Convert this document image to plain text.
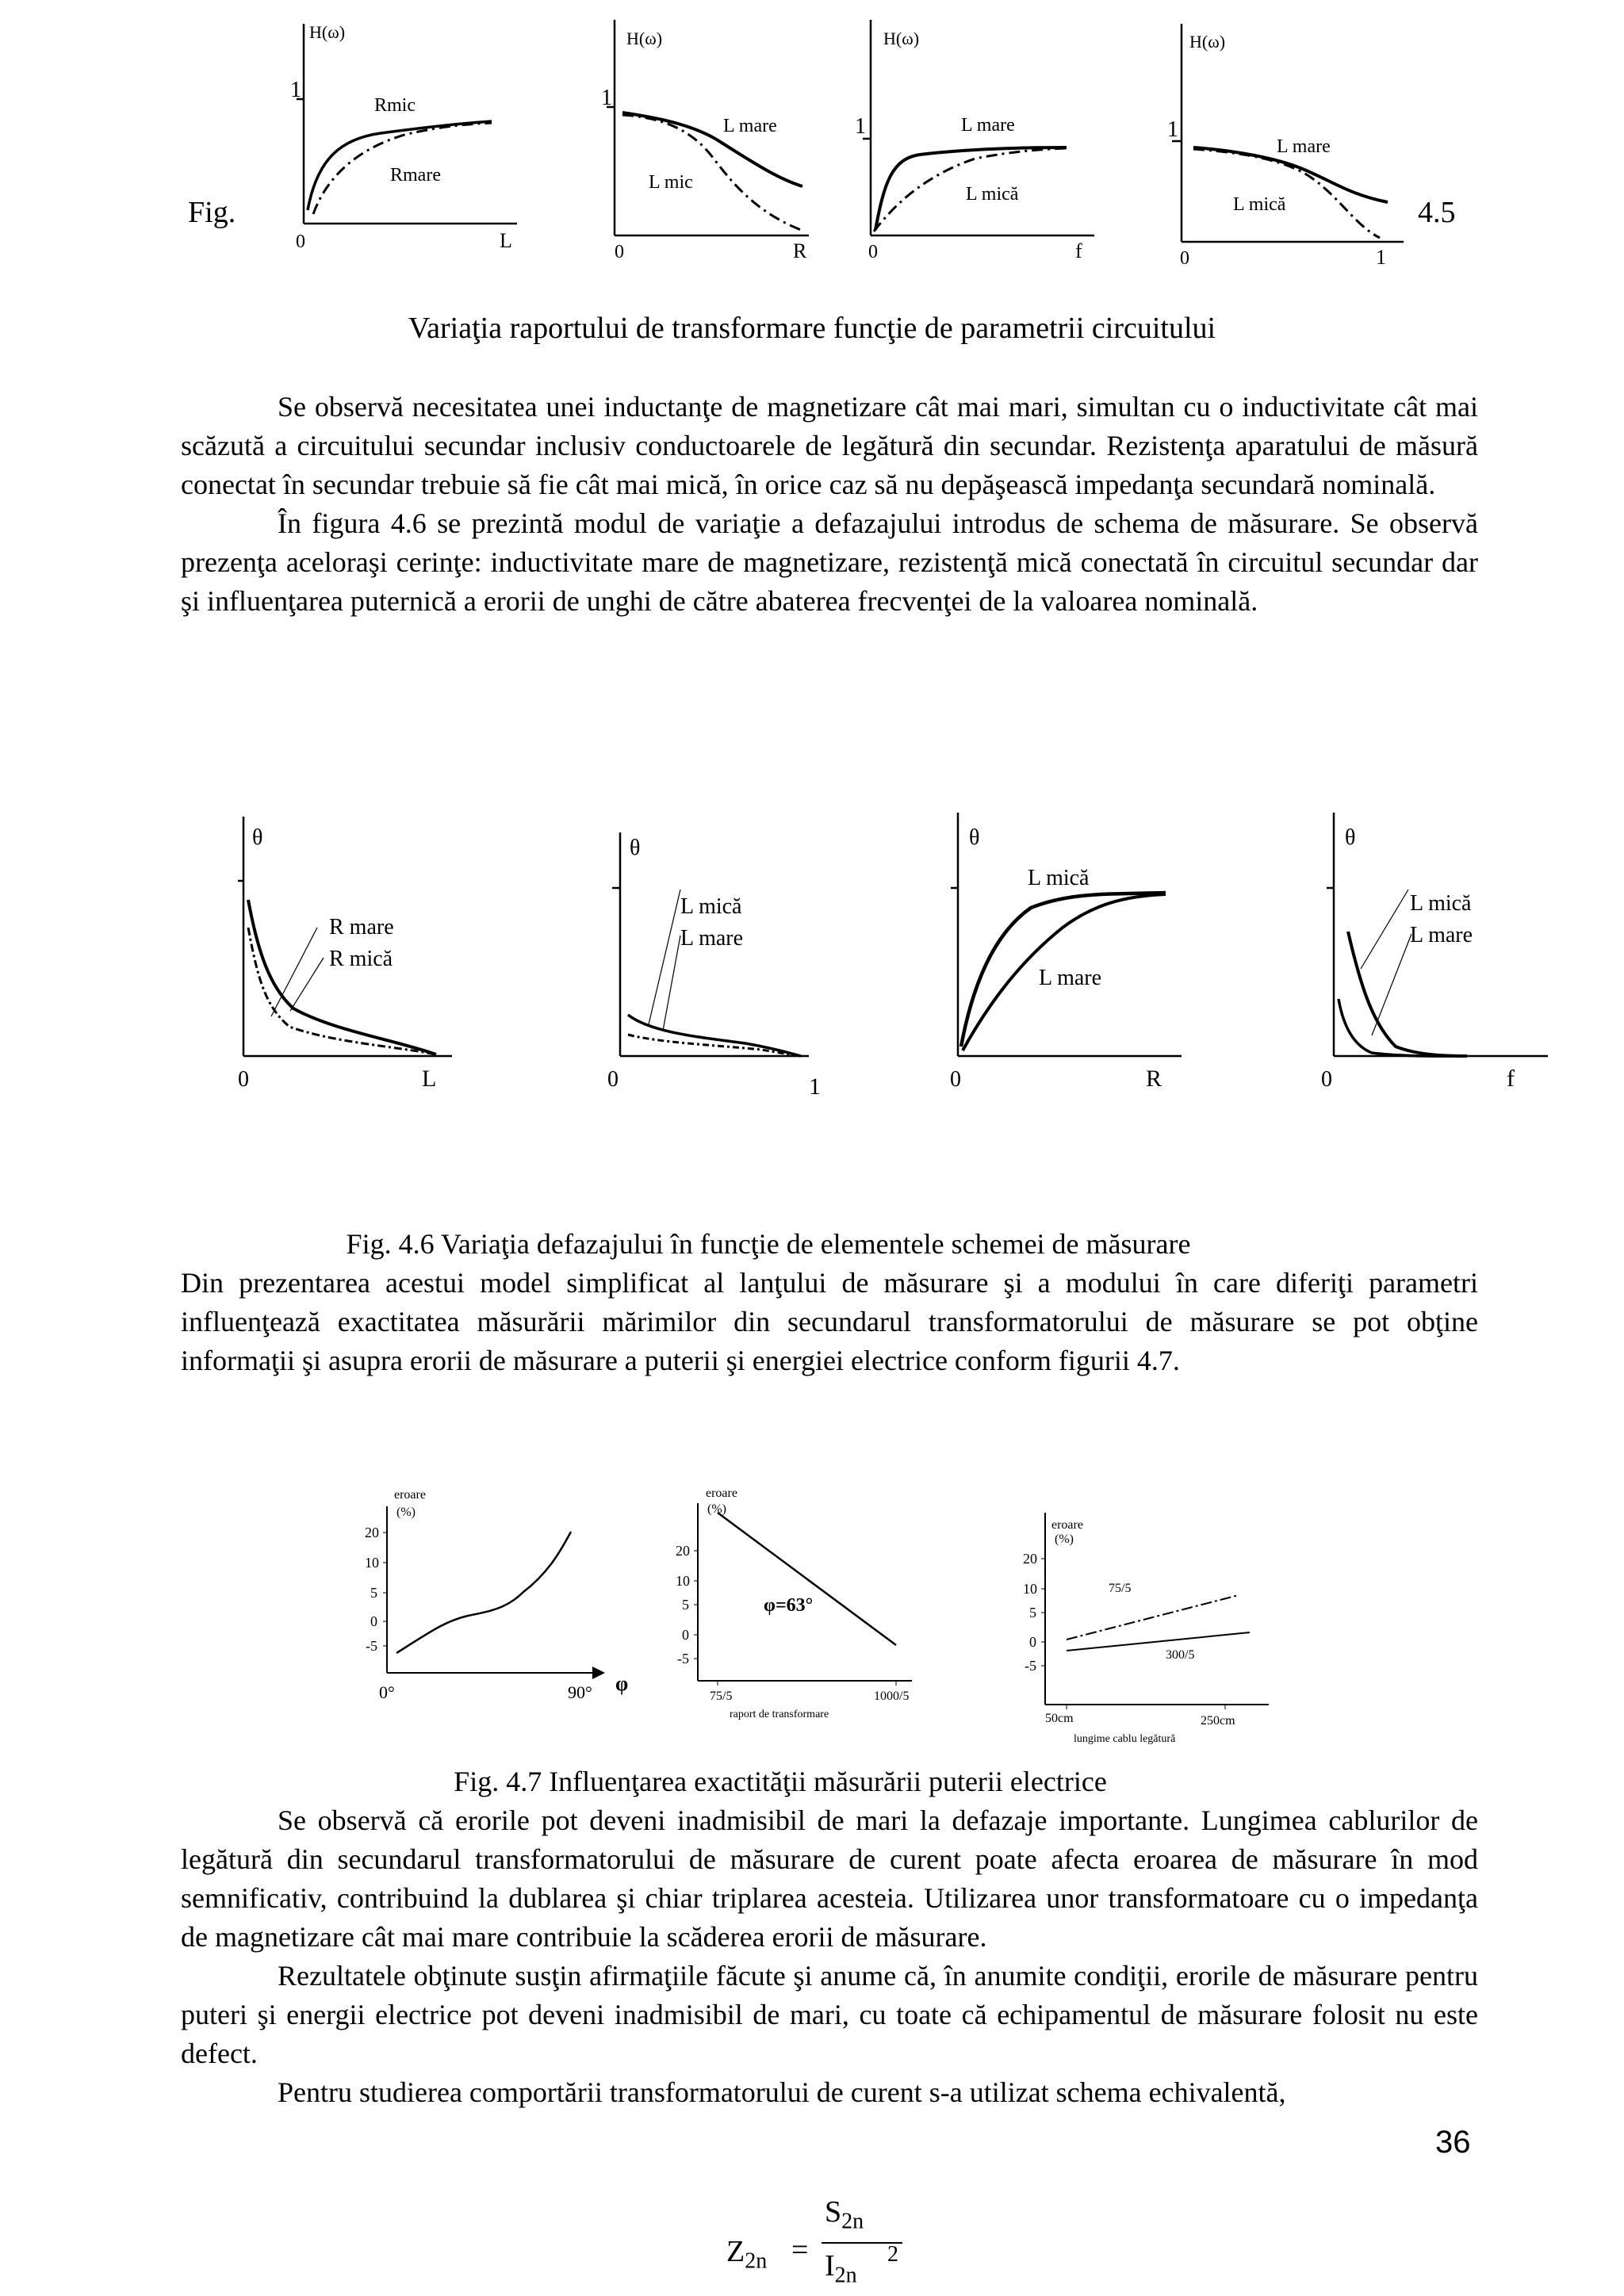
Fig.	4.5
H(ω)
1
0	L
Rmic
Rmare
H(ω)
1
0	R
L mare
L mic
H(ω)
1
0	f
L mare
L mică
H(ω)
1
0	1
L mare
L mică
Variaţia raportului de transformare funcţie de parametrii circuitului

Se observă necesitatea unei inductanţe de magnetizare cât mai mari, simultan cu o inductivitate cât mai scăzută a circuitului secundar inclusiv conductoarele de legătură din secundar. Rezistenţa aparatului de măsură conectat în secundar trebuie să fie cât mai mică, în orice caz să nu depăşească impedanţa secundară nominală.

În figura 4.6 se prezintă modul de variaţie a defazajului introdus de schema de măsurare. Se observă prezenţa aceloraşi cerinţe: inductivitate mare de magnetizare, rezistenţă mică conectată în circuitul secundar dar şi influenţarea puternică a erorii de unghi de către abaterea frecvenţei de la valoarea nominală.

θ
0	L
R mare
R mică
θ
0	1
L mică
L mare
θ
0	R
L mică
L mare
θ
0	f
L mică
L mare
Fig. 4.6 Variaţia defazajului în funcţie de elementele schemei de măsurare

Din prezentarea acestui model simplificat al lanţului de măsurare şi a modului în care diferiţi parametri influenţează exactitatea măsurării mărimilor din secundarul transformatorului de măsurare se pot obţine informaţii şi asupra erorii de măsurare a puterii şi energiei electrice conform figurii 4.7.

eroare
(%)
20
10
5
0
-5
0°	90° φ
eroare
(%)
20
10
5
0
-5
φ=63°
75/5	1000/5
raport de transformare
eroare
(%)
20
10
5
0
-5
75/5
300/5
50cm	250cm
lungime cablu legătură
Fig. 4.7 Influenţarea exactităţii măsurării puterii electrice

Se observă că erorile pot deveni inadmisibil de mari la defazaje importante. Lungimea cablurilor de legătură din secundarul transformatorului de măsurare de curent poate afecta eroarea de măsurare în mod semnificativ, contribuind la dublarea şi chiar triplarea acesteia. Utilizarea unor transformatoare cu o impedanţa de magnetizare cât mai mare contribuie la scăderea erorii de măsurare.

Rezultatele obţinute susţin afirmaţiile făcute şi anume că, în anumite condiţii, erorile de măsurare pentru puteri şi energii electrice pot deveni inadmisibil de mari, cu toate că echipamentul de măsurare folosit nu este defect.

Pentru studierea comportării transformatorului de curent s-a utilizat schema echivalentă,

36
$Z_{2n}$ =
$S_{2n}$
$I_{2n}$
2
